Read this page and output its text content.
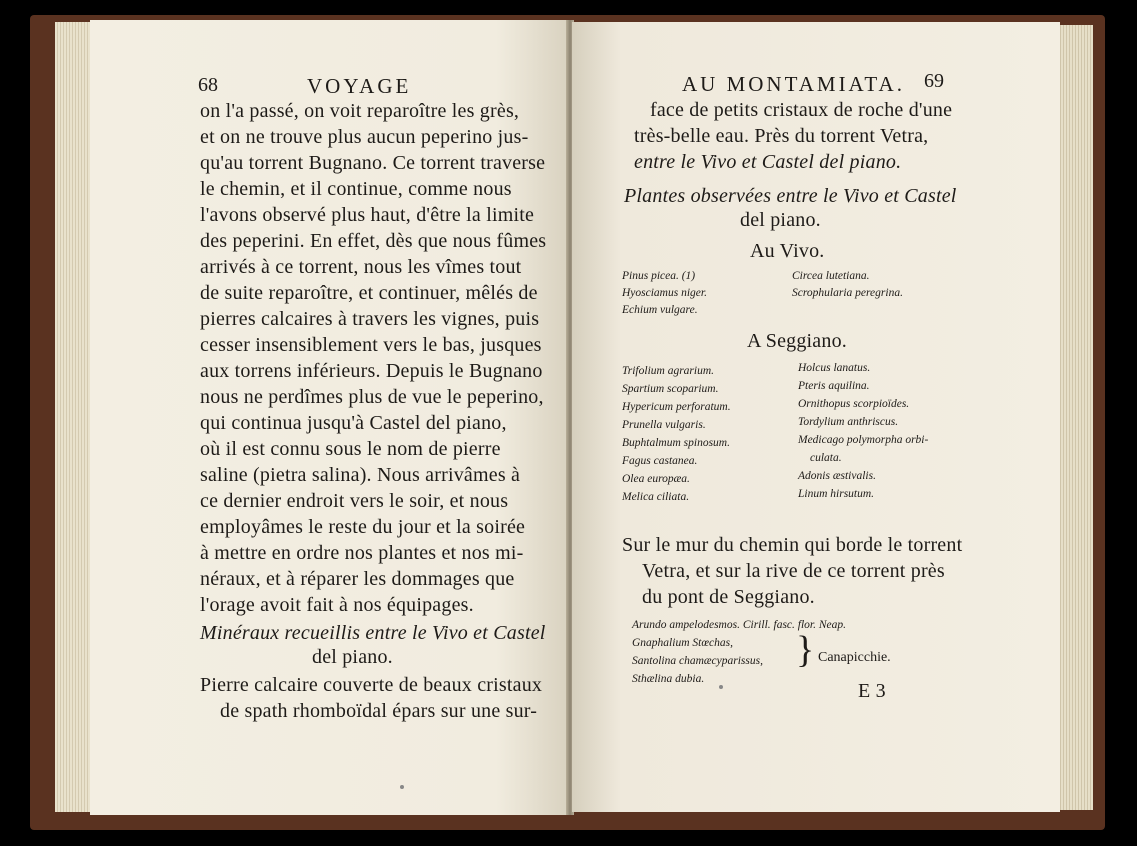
68	VOYAGE
on l'a passé, on voit reparoître les grès,
et on ne trouve plus aucun peperino jus-
qu'au torrent Bugnano. Ce torrent traverse
le chemin, et il continue, comme nous
l'avons observé plus haut, d'être la limite
des peperini. En effet, dès que nous fûmes
arrivés à ce torrent, nous les vîmes tout
de suite reparoître, et continuer, mêlés de
pierres calcaires à travers les vignes, puis
cesser insensiblement vers le bas, jusques
aux torrens inférieurs. Depuis le Bugnano
nous ne perdîmes plus de vue le peperino,
qui continua jusqu'à Castel del piano,
où il est connu sous le nom de pierre
saline (pietra salina). Nous arrivâmes à
ce dernier endroit vers le soir, et nous
employâmes le reste du jour et la soirée
à mettre en ordre nos plantes et nos mi-
néraux, et à réparer les dommages que
l'orage avoit fait à nos équipages.
Minéraux recueillis entre le Vivo et Castel
del piano.
Pierre calcaire couverte de beaux cristaux
de spath rhomboïdal épars sur une sur-
AU MONTAMIATA. 69
face de petits cristaux de roche d'une
très-belle eau. Près du torrent Vetra,
entre le Vivo et Castel del piano.
Plantes observées entre le Vivo et Castel
del piano.
Au Vivo.
Pinus picea. (1)
Hyosciamus niger.
Echium vulgare.
Circea lutetiana.
Scrophularia peregrina.
A Seggiano.
Trifolium agrarium.
Spartium scoparium.
Hypericum perforatum.
Prunella vulgaris.
Buphtalmum spinosum.
Fagus castanea.
Olea europæa.
Melica ciliata.
Holcus lanatus.
Pteris aquilina.
Ornithopus scorpioïdes.
Tordylium anthriscus.
Medicago polymorpha orbi-
culata.
Adonis æstivalis.
Linum hirsutum.
Sur le mur du chemin qui borde le torrent
Vetra, et sur la rive de ce torrent près
du pont de Seggiano.
Arundo ampelodesmos. Cirill. fasc. flor. Neap.
Gnaphalium Stœchas,
Santolina chamæcyparissus,
Sthælina dubia.
} Canapicchie.
E 3
